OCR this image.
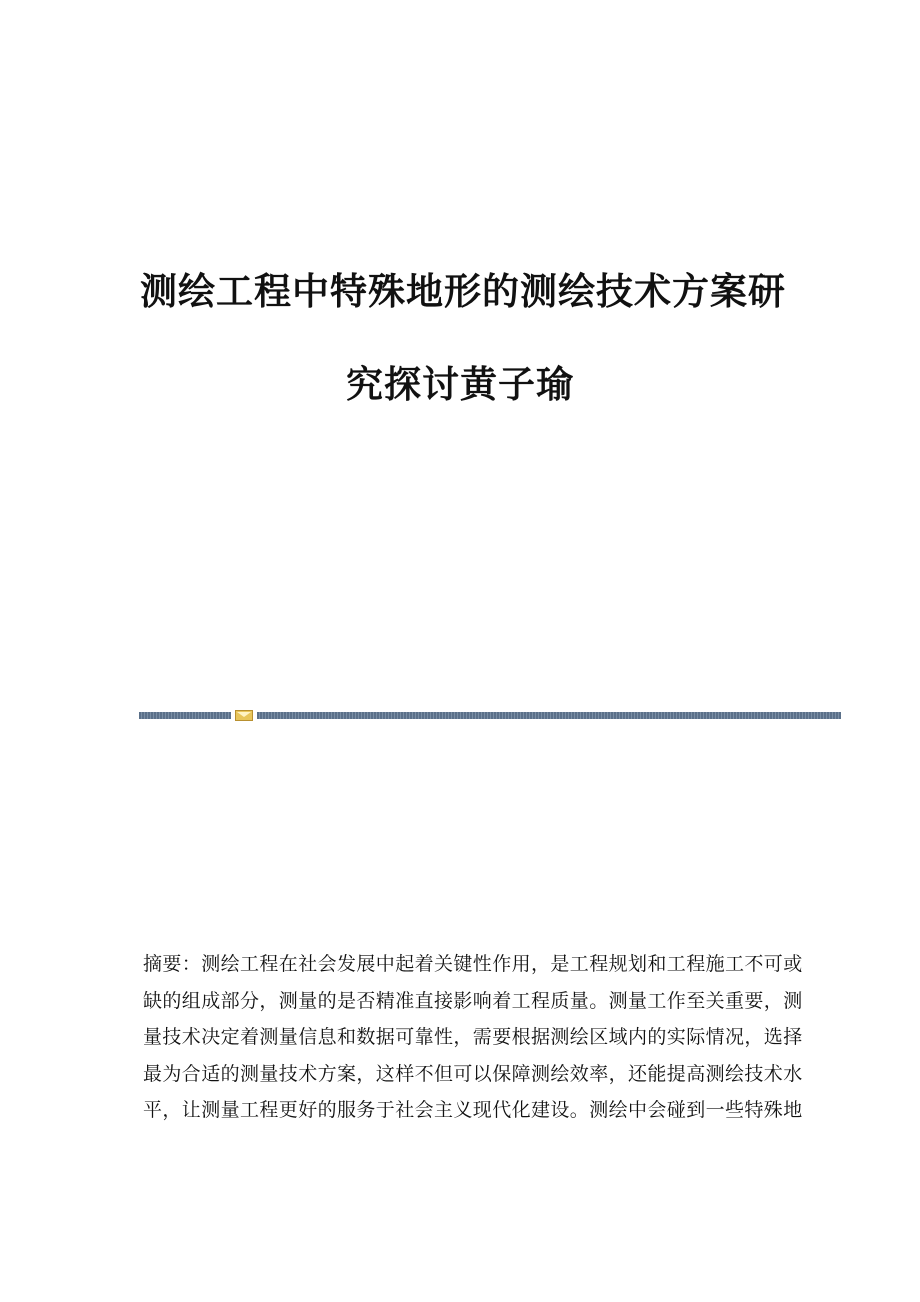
测绘工程中特殊地形的测绘技术方案研
究探讨黄子瑜
摘要：测绘工程在社会发展中起着关键性作用，是工程规划和工程施工不可或
缺的组成部分，测量的是否精准直接影响着工程质量。测量工作至关重要，测
量技术决定着测量信息和数据可靠性，需要根据测绘区域内的实际情况，选择
最为合适的测量技术方案，这样不但可以保障测绘效率，还能提高测绘技术水
平，让测量工程更好的服务于社会主义现代化建设。测绘中会碰到一些特殊地
